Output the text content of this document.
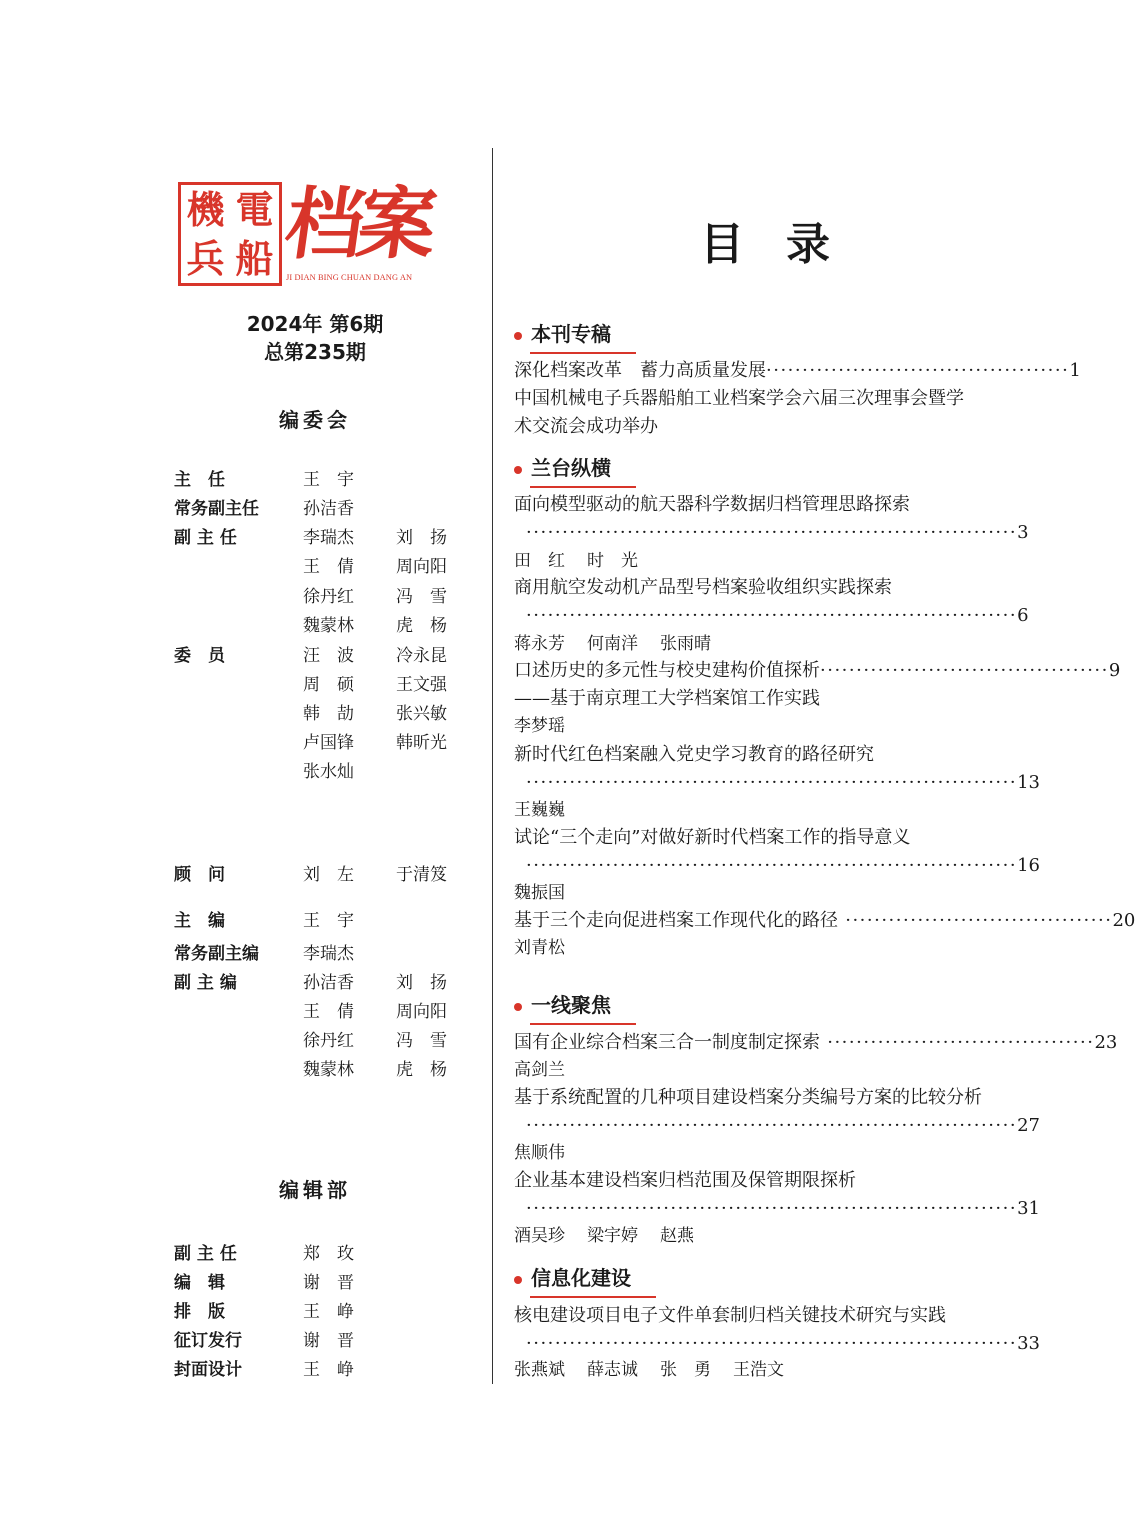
機 電
兵 船 档案
JI DIAN BING CHUAN DANG AN
2024年 第6期
总第235期
编委会
主　任	王　宇
常务副主任	孙洁香
副 主 任	李瑞杰	刘　扬
王　倩	周向阳
徐丹红	冯　雪
魏蒙林	虎　杨
委　员	汪　波	冷永昆
周　硕	王文强
韩　劼	张兴敏
卢国锋	韩昕光
张水灿
顾　问	刘　左	于清笈
主　编	王　宇
常务副主编	李瑞杰
副 主 编	孙洁香	刘　扬
王　倩	周向阳
徐丹红	冯　雪
魏蒙林	虎　杨
编辑部
副 主 任	郑　玫
编　辑	谢　晋
排　版	王　峥
征订发行	谢　晋
封面设计	王　峥
目录
本刊专稿
深化档案改革　蓄力高质量发展 ·········································· 1
中国机械电子兵器船舶工业档案学会六届三次理事会暨学
术交流会成功举办
兰台纵横
面向模型驱动的航天器科学数据归档管理思路探索
···································································· 3
田　红 时　光
商用航空发动机产品型号档案验收组织实践探索
···································································· 6
蒋永芳 何南洋 张雨晴
口述历史的多元性与校史建构价值探析 ········································ 9
——基于南京理工大学档案馆工作实践
李梦瑶
新时代红色档案融入党史学习教育的路径研究
···································································· 13
王巍巍
试论“三个走向”对做好新时代档案工作的指导意义
···································································· 16
魏振国
基于三个走向促进档案工作现代化的路径 ····································· 20
刘青松
一线聚焦
国有企业综合档案三合一制度制定探索 ····································· 23
高剑兰
基于系统配置的几种项目建设档案分类编号方案的比较分析
···································································· 27
焦顺伟
企业基本建设档案归档范围及保管期限探析
···································································· 31
酒吴珍 梁宇婷 赵燕
信息化建设
核电建设项目电子文件单套制归档关键技术研究与实践
···································································· 33
张燕斌 薛志诚 张　勇 王浩文
